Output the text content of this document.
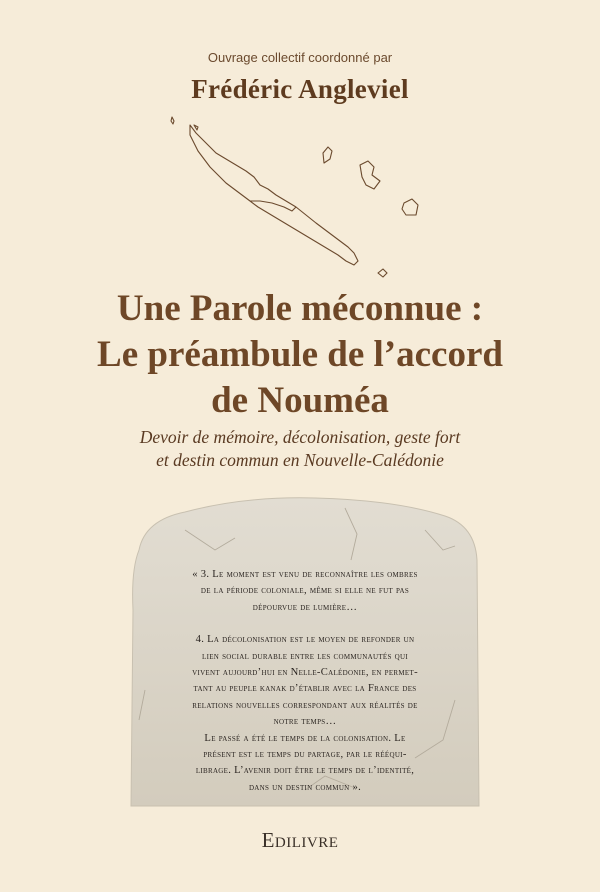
Ouvrage collectif coordonné par
Frédéric Angleviel
Une Parole méconnue :
Le préambule de l’accord
de Nouméa
Devoir de mémoire, décolonisation, geste fort
et destin commun en Nouvelle-Calédonie

« 3. Le moment est venu de reconnaître les ombres

de la période coloniale, même si elle ne fut pas

dépourvue de lumière…

4. La décolonisation est le moyen de refonder un

lien social durable entre les communautés qui

vivent aujourd’hui en Nelle-Calédonie, en permet-

tant au peuple kanak d’établir avec la France des

relations nouvelles correspondant aux réalités de

notre temps…

Le passé a été le temps de la colonisation. Le

présent est le temps du partage, par le rééqui-

librage. L’avenir doit être le temps de l’identité,

dans un destin commun ».

Edilivre
